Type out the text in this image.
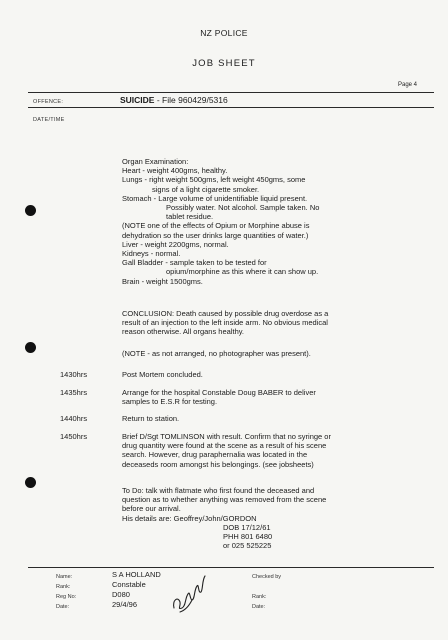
NZ POLICE
JOB SHEET
Page 4
OFFENCE:	SUICIDE - File 960429/5316
DATE/TIME
Organ Examination:
Heart - weight 400gms, healthy.
Lungs - right weight 500gms, left weight 450gms, some
signs of a light cigarette smoker.
Stomach - Large volume of unidentifiable liquid present.
Possibly water. Not alcohol. Sample taken. No
tablet residue.
(NOTE one of the effects of Opium or Morphine abuse is
dehydration so the user drinks large quantities of water.)
Liver - weight 2200gms, normal.
Kidneys - normal.
Gall Bladder - sample taken to be tested for
opium/morphine as this where it can show up.
Brain - weight 1500gms.
CONCLUSION: Death caused by possible drug overdose as a
result of an injection to the left inside arm. No obvious medical
reason otherwise. All organs healthy.
(NOTE - as not arranged, no photographer was present).
1430hrs	Post Mortem concluded.
1435hrs	Arrange for the hospital Constable Doug BABER to deliver
samples to E.S.R for testing.
1440hrs	Return to station.
1450hrs	Brief D/Sgt TOMLINSON with result. Confirm that no syringe or
drug quantity were found at the scene as a result of his scene
search. However, drug paraphernalia was located in the
deceaseds room amongst his belongings. (see jobsheets)
To Do: talk with flatmate who first found the deceased and
question as to whether anything was removed from the scene
before our arrival.
His details are: Geoffrey/John/GORDON
DOB 17/12/61
PHH 801 6480
or 025 525225
Name:	S A HOLLAND
Rank:	Constable
Reg No:	D080
Date:	29/4/96
Checked by
Rank:
Date:
